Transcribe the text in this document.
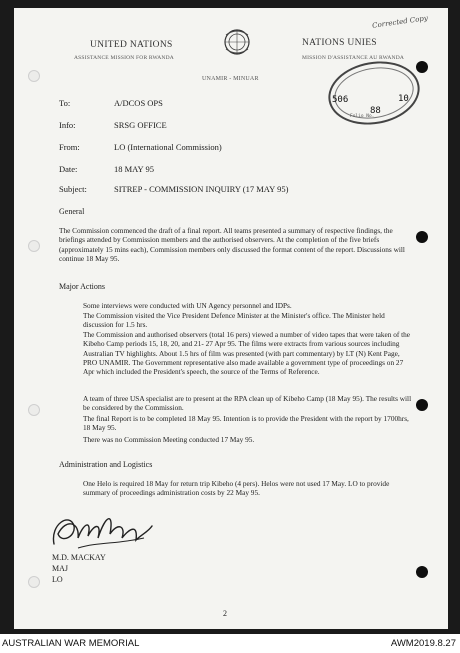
Corrected Copy
UNITED NATIONS
ASSISTANCE MISSION FOR RWANDA
NATIONS UNIES
MISSION D'ASSISTANCE AU RWANDA
UNAMIR - MINUAR
506
88
10
Folio No.
To:	A/DCOS OPS
Info:	SRSG OFFICE
From:	LO (International Commission)
Date:	18 MAY 95
Subject:	SITREP - COMMISSION INQUIRY (17 MAY 95)
General
The Commission commenced the draft of a final report. All teams presented a summary of respective findings, the briefings attended by Commission members and the authorised observers. At the completion of the five briefs (approximately 15 mins each), Commission members only discussed the format content of the report. Discussions will continue 18 May 95.
Major Actions
Some interviews were conducted with UN Agency personnel and IDPs.
The Commission visited the Vice President Defence Minister at the Minister's office. The Minister held discussion for 1.5 hrs.
The Commission and authorised observers (total 16 pers) viewed a number of video tapes that were taken of the Kibeho Camp periods 15, 18, 20, and 21- 27 Apr 95. The films were extracts from various sources including Australian TV highlights. About 1.5 hrs of film was presented (with part commentary) by LT (N) Kent Page, PRO UNAMIR. The Government representative also made available a government type of proceedings on 27 Apr which included the President's speech, the source of the Terms of Reference.
A team of three USA specialist are to present at the RPA clean up of Kibeho Camp (18 May 95). The results will be considered by the Commission.
The final Report is to be completed 18 May 95. Intention is to provide the President with the report by 1700hrs, 18 May 95.
There was no Commission Meeting conducted 17 May 95.
Administration and Logistics
One Helo is required 18 May for return trip Kibeho (4 pers). Helos were not used 17 May. LO to provide summary of proceedings administration costs by 22 May 95.
M.D. MACKAY
MAJ
LO
2
AUSTRALIAN WAR MEMORIAL	AWM2019.8.27
